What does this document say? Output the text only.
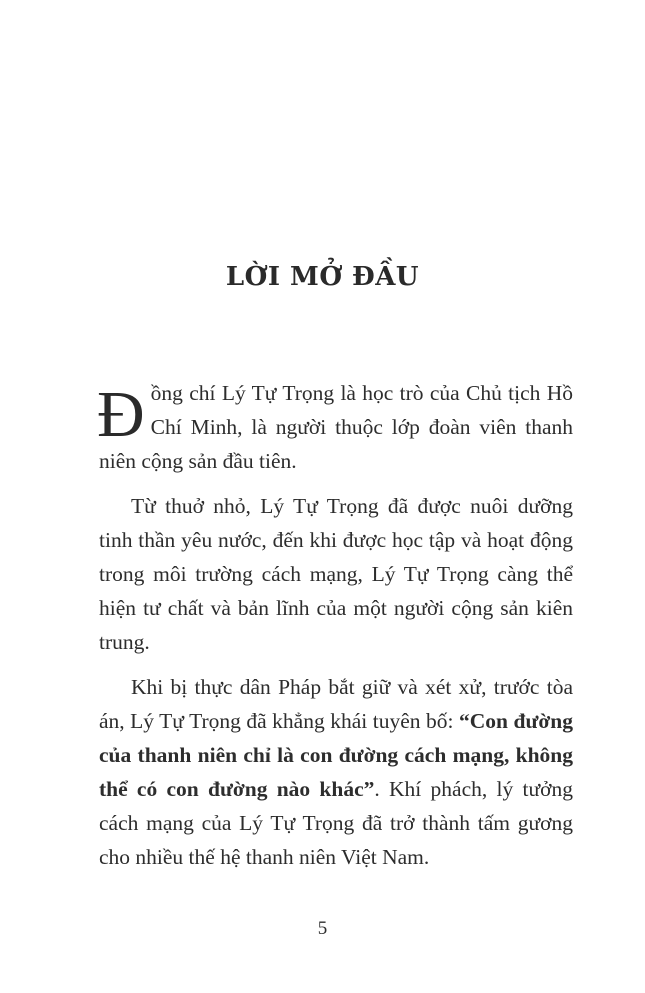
LỜI MỞ ĐẦU

Đồng chí Lý Tự Trọng là học trò của Chủ tịch Hồ Chí Minh, là người thuộc lớp đoàn viên thanh niên cộng sản đầu tiên.

Từ thuở nhỏ, Lý Tự Trọng đã được nuôi dưỡng tinh thần yêu nước, đến khi được học tập và hoạt động trong môi trường cách mạng, Lý Tự Trọng càng thể hiện tư chất và bản lĩnh của một người cộng sản kiên trung.

Khi bị thực dân Pháp bắt giữ và xét xử, trước tòa án, Lý Tự Trọng đã khẳng khái tuyên bố: “Con đường của thanh niên chỉ là con đường cách mạng, không thể có con đường nào khác”. Khí phách, lý tưởng cách mạng của Lý Tự Trọng đã trở thành tấm gương cho nhiều thế hệ thanh niên Việt Nam.

5
